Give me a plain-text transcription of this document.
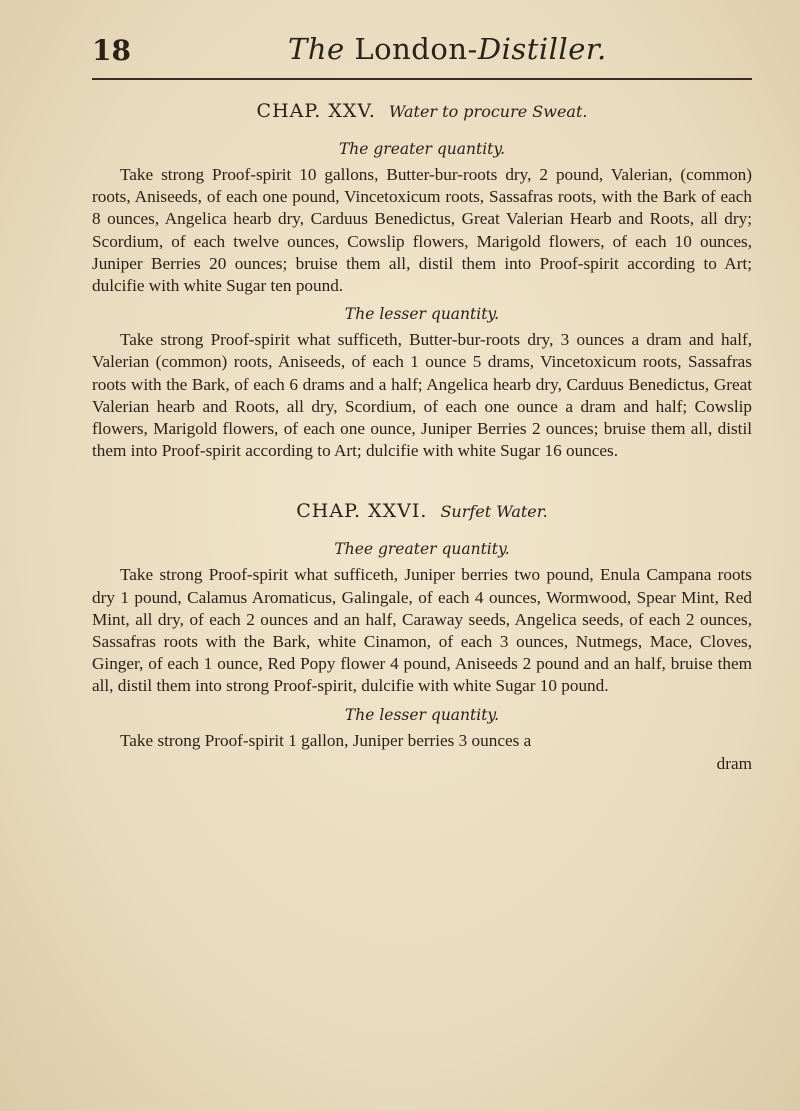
18	The London-Distiller.
CHAP. XXV. Water to procure Sweat.
The greater quantity.

Take strong Proof-spirit 10 gallons, Butter-bur-roots dry, 2 pound, Valerian, (common) roots, Aniseeds, of each one pound, Vincetoxicum roots, Sassafras roots, with the Bark of each 8 ounces, Angelica hearb dry, Carduus Benedictus, Great Valerian Hearb and Roots, all dry; Scordium, of each twelve ounces, Cowslip flowers, Marigold flowers, of each 10 ounces, Juniper Berries 20 ounces; bruise them all, distil them into Proof-spirit according to Art; dulcifie with white Sugar ten pound.

The lesser quantity.

Take strong Proof-spirit what sufficeth, Butter-bur-roots dry, 3 ounces a dram and half, Valerian (common) roots, Aniseeds, of each 1 ounce 5 drams, Vincetoxicum roots, Sassafras roots with the Bark, of each 6 drams and a half; Angelica hearb dry, Carduus Benedictus, Great Valerian hearb and Roots, all dry, Scordium, of each one ounce a dram and half; Cowslip flowers, Marigold flowers, of each one ounce, Juniper Berries 2 ounces; bruise them all, distil them into Proof-spirit according to Art; dulcifie with white Sugar 16 ounces.

CHAP. XXVI. Surfet Water.
Thee greater quantity.

Take strong Proof-spirit what sufficeth, Juniper berries two pound, Enula Campana roots dry 1 pound, Calamus Aromaticus, Galingale, of each 4 ounces, Wormwood, Spear Mint, Red Mint, all dry, of each 2 ounces and an half, Caraway seeds, Angelica seeds, of each 2 ounces, Sassafras roots with the Bark, white Cinamon, of each 3 ounces, Nutmegs, Mace, Cloves, Ginger, of each 1 ounce, Red Popy flower 4 pound, Aniseeds 2 pound and an half, bruise them all, distil them into strong Proof-spirit, dulcifie with white Sugar 10 pound.

The lesser quantity.

Take strong Proof-spirit 1 gallon, Juniper berries 3 ounces a

dram
